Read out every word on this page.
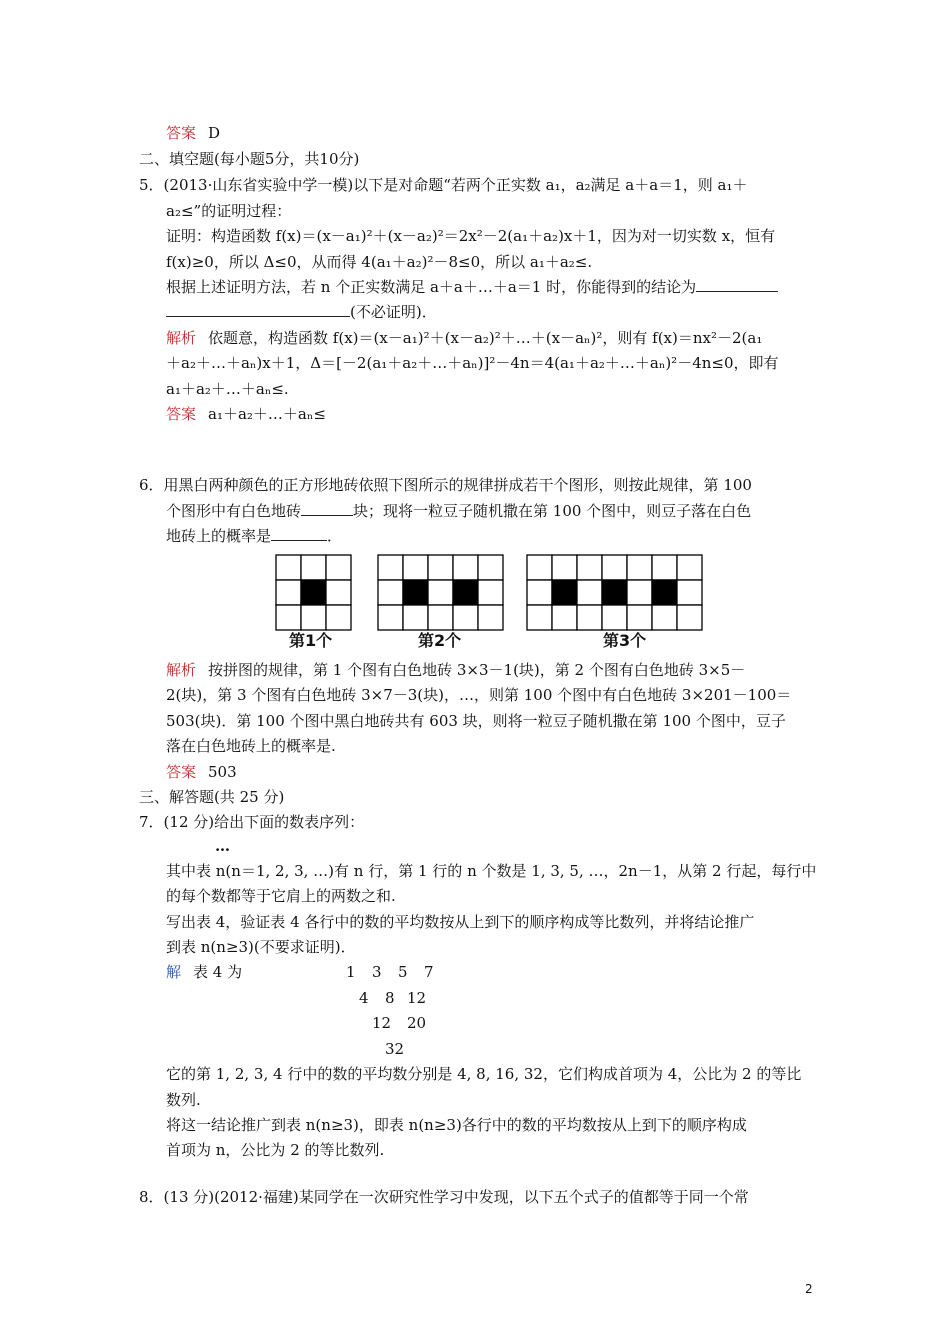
答案 D
二、填空题(每小题5分，共10分)
5．(2013·山东省实验中学一模)以下是对命题“若两个正实数 a₁，a₂满足 a＋a＝1，则 a₁＋
a₂≤”的证明过程：
证明：构造函数 f(x)＝(x－a₁)²＋(x－a₂)²＝2x²－2(a₁＋a₂)x＋1，因为对一切实数 x，恒有
f(x)≥0，所以 Δ≤0，从而得 4(a₁＋a₂)²－8≤0，所以 a₁＋a₂≤.
根据上述证明方法，若 n 个正实数满足 a＋a＋…＋a＝1 时，你能得到的结论为
(不必证明)．
解析 依题意，构造函数 f(x)＝(x－a₁)²＋(x－a₂)²＋…＋(x－aₙ)²，则有 f(x)＝nx²－2(a₁
＋a₂＋…＋aₙ)x＋1，Δ＝[－2(a₁＋a₂＋…＋aₙ)]²－4n＝4(a₁＋a₂＋…＋aₙ)²－4n≤0，即有
a₁＋a₂＋…＋aₙ≤.
答案 a₁＋a₂＋…＋aₙ≤
6．用黑白两种颜色的正方形地砖依照下图所示的规律拼成若干个图形，则按此规律，第 100
个图形中有白色地砖	块；现将一粒豆子随机撒在第 100 个图中，则豆子落在白色
地砖上的概率是	．
第1个	第2个	第3个
解析 按拼图的规律，第 1 个图有白色地砖 3×3－1(块)，第 2 个图有白色地砖 3×5－
2(块)，第 3 个图有白色地砖 3×7－3(块)，…，则第 100 个图中有白色地砖 3×201－100＝
503(块)．第 100 个图中黑白地砖共有 603 块，则将一粒豆子随机撒在第 100 个图中，豆子
落在白色地砖上的概率是.
答案 503
三、解答题(共 25 分)
7．(12 分)给出下面的数表序列：
…
其中表 n(n＝1, 2, 3, …)有 n 行，第 1 行的 n 个数是 1, 3, 5, …，2n－1，从第 2 行起，每行中
的每个数都等于它肩上的两数之和.
写出表 4，验证表 4 各行中的数的平均数按从上到下的顺序构成等比数列，并将结论推广
到表 n(n≥3)(不要求证明)．
解 表 4 为	1 3 5 7
4 8 12
12 20
32
它的第 1, 2, 3, 4 行中的数的平均数分别是 4, 8, 16, 32，它们构成首项为 4，公比为 2 的等比
数列.
将这一结论推广到表 n(n≥3)，即表 n(n≥3)各行中的数的平均数按从上到下的顺序构成
首项为 n，公比为 2 的等比数列.
8．(13 分)(2012·福建)某同学在一次研究性学习中发现，以下五个式子的值都等于同一个常
2
